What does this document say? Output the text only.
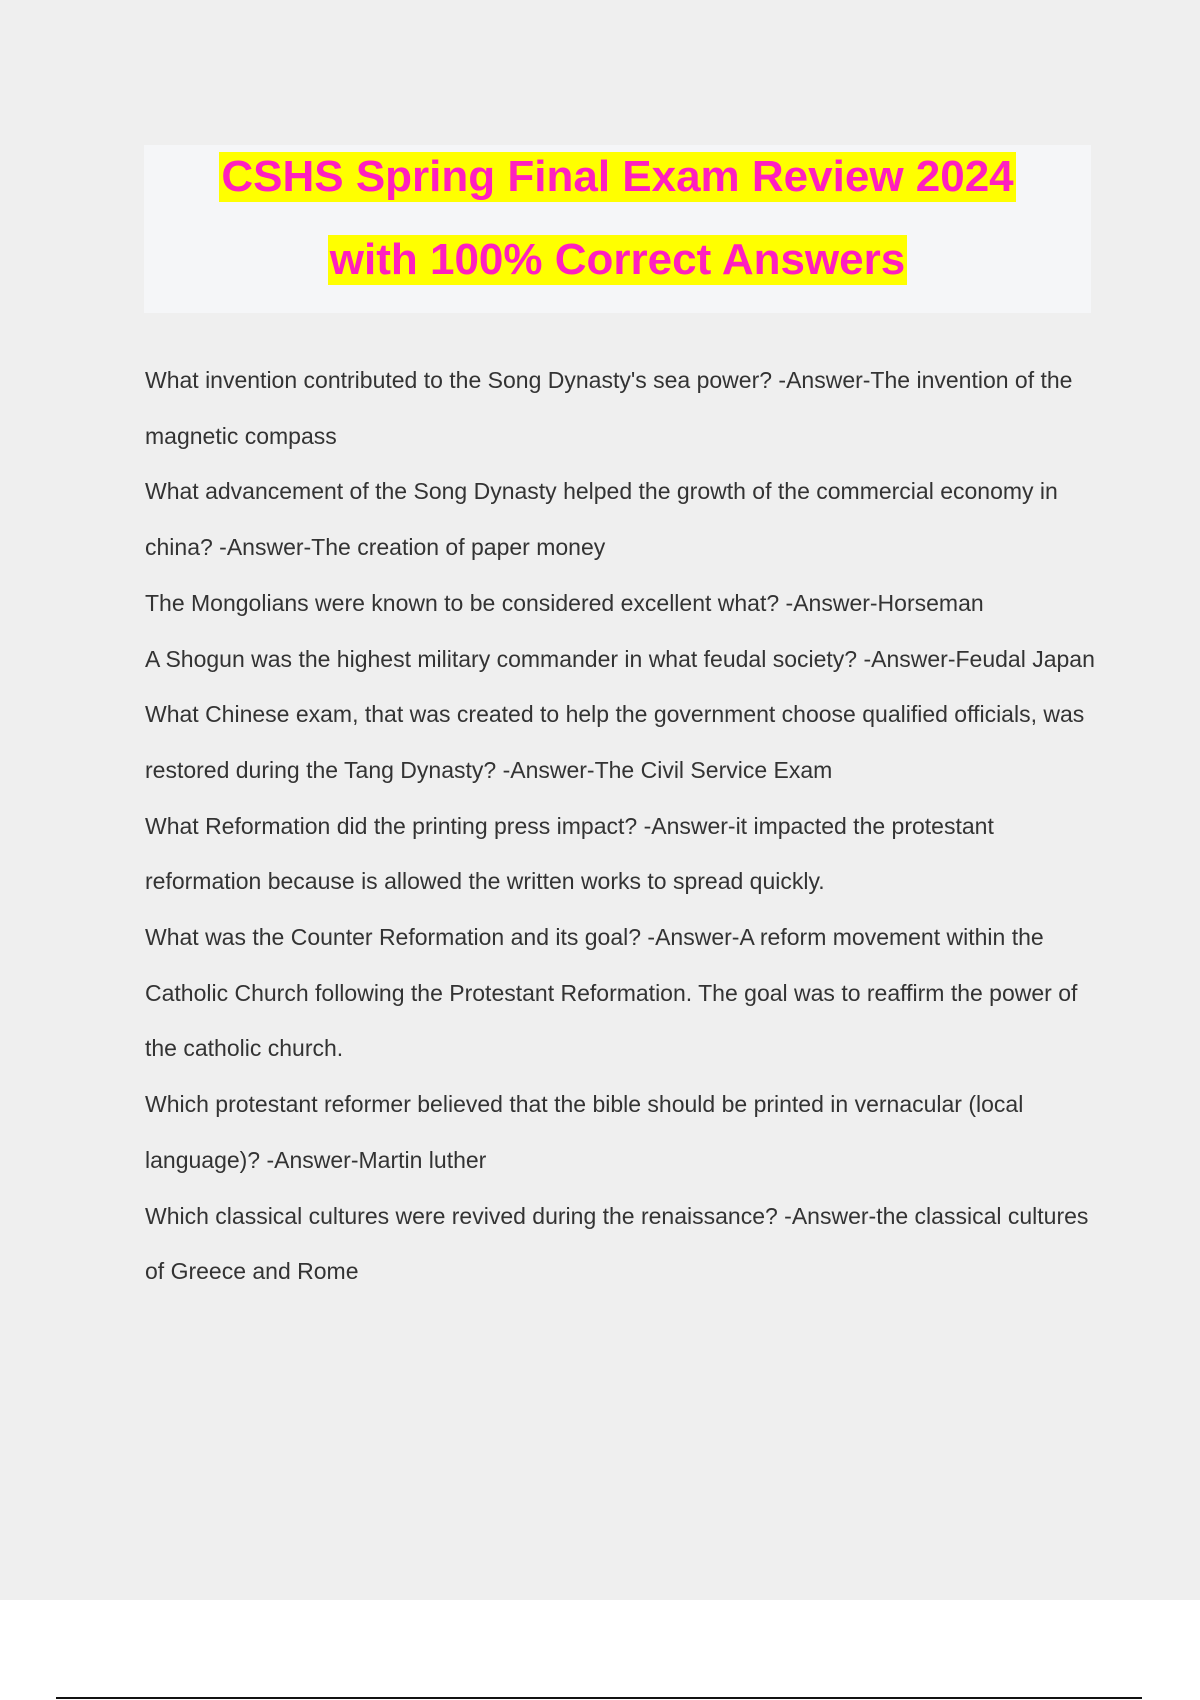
CSHS Spring Final Exam Review 2024
with 100% Correct Answers

What invention contributed to the Song Dynasty's sea power? -Answer-The invention of the magnetic compass

What advancement of the Song Dynasty helped the growth of the commercial economy in china? -Answer-The creation of paper money

The Mongolians were known to be considered excellent what? -Answer-Horseman

A Shogun was the highest military commander in what feudal society? -Answer-Feudal Japan

What Chinese exam, that was created to help the government choose qualified officials, was restored during the Tang Dynasty? -Answer-The Civil Service Exam

What Reformation did the printing press impact? -Answer-it impacted the protestant reformation because is allowed the written works to spread quickly.

What was the Counter Reformation and its goal? -Answer-A reform movement within the Catholic Church following the Protestant Reformation. The goal was to reaffirm the power of the catholic church.

Which protestant reformer believed that the bible should be printed in vernacular (local language)? -Answer-Martin luther

Which classical cultures were revived during the renaissance? -Answer-the classical cultures of Greece and Rome
